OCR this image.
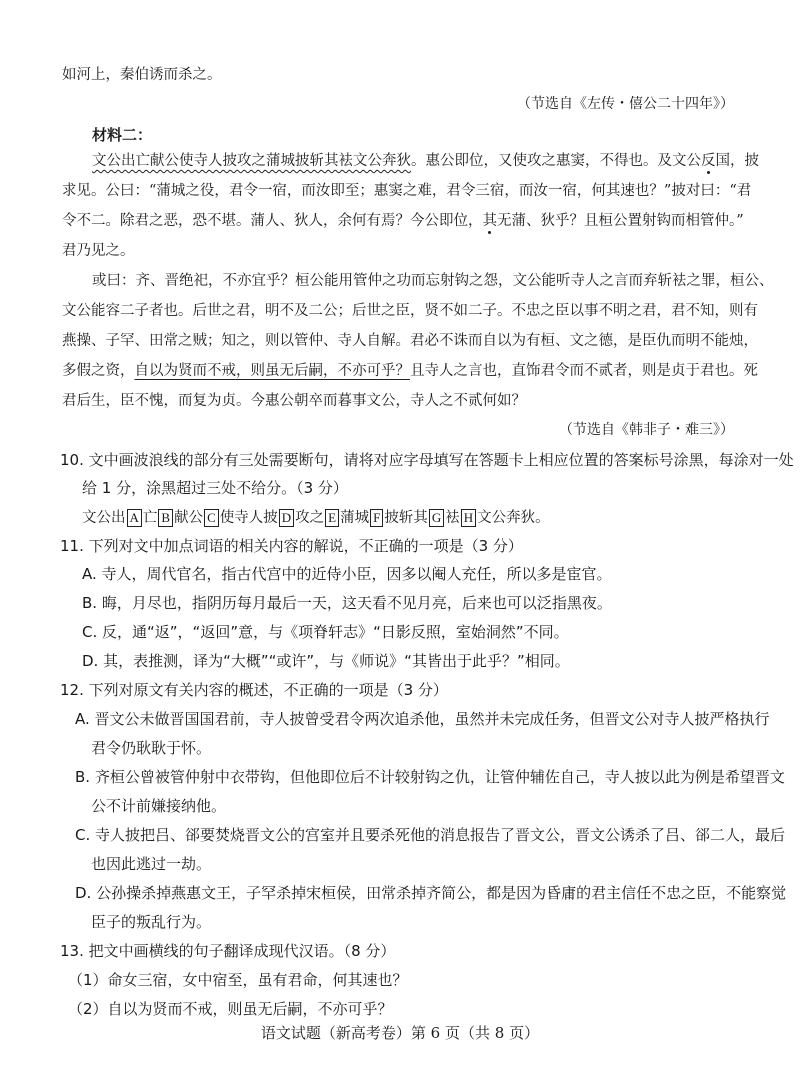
如河上，秦伯诱而杀之。
（节选自《左传・僖公二十四年》）
材料二：
文公出亡献公使寺人披攻之蒲城披斩其袪文公奔狄。惠公即位，又使攻之惠窦，不得也。及文公反国，披
求见。公曰：“蒲城之役，君令一宿，而汝即至；惠窦之难，君令三宿，而汝一宿，何其速也？”披对曰：“君
令不二。除君之恶，恐不堪。蒲人、狄人，余何有焉？今公即位，其无蒲、狄乎？且桓公置射钩而相管仲。”
君乃见之。
或曰：齐、晋绝祀，不亦宜乎？桓公能用管仲之功而忘射钩之怨，文公能听寺人之言而弃斩袪之罪，桓公、
文公能容二子者也。后世之君，明不及二公；后世之臣，贤不如二子。不忠之臣以事不明之君，君不知，则有
燕操、子罕、田常之贼；知之，则以管仲、寺人自解。君必不诛而自以为有桓、文之德，是臣仇而明不能烛，
多假之资，自以为贤而不戒，则虽无后嗣，不亦可乎？且寺人之言也，直饰君令而不贰者，则是贞于君也。死
君后生，臣不愧，而复为贞。今惠公朝卒而暮事文公，寺人之不贰何如？
（节选自《韩非子・难三》）
10. 文中画波浪线的部分有三处需要断句，请将对应字母填写在答题卡上相应位置的答案标号涂黑，每涂对一处
给 1 分，涂黑超过三处不给分。（3 分）
文公出 A 亡 B 献公 C 使寺人披 D 攻之 E 蒲城 F 披斩其 G 袪 H 文公奔狄。
11. 下列对文中加点词语的相关内容的解说，不正确的一项是（3 分）
A. 寺人，周代官名，指古代宫中的近侍小臣，因多以阉人充任，所以多是宦官。
B. 晦，月尽也，指阴历每月最后一天，这天看不见月亮，后来也可以泛指黑夜。
C. 反，通“返”，“返回”意，与《项脊轩志》“日影反照，室始洞然”不同。
D. 其，表推测，译为“大概”“或许”，与《师说》“其皆出于此乎？”相同。
12. 下列对原文有关内容的概述，不正确的一项是（3 分）
A. 晋文公未做晋国国君前，寺人披曾受君令两次追杀他，虽然并未完成任务，但晋文公对寺人披严格执行
君令仍耿耿于怀。
B. 齐桓公曾被管仲射中衣带钩，但他即位后不计较射钩之仇，让管仲辅佐自己，寺人披以此为例是希望晋文
公不计前嫌接纳他。
C. 寺人披把吕、郤要焚烧晋文公的宫室并且要杀死他的消息报告了晋文公，晋文公诱杀了吕、郤二人，最后
也因此逃过一劫。
D. 公孙操杀掉燕惠文王，子罕杀掉宋桓侯，田常杀掉齐简公，都是因为昏庸的君主信任不忠之臣，不能察觉
臣子的叛乱行为。
13. 把文中画横线的句子翻译成现代汉语。（8 分）
（1）命女三宿，女中宿至，虽有君命，何其速也？
（2）自以为贤而不戒，则虽无后嗣，不亦可乎？
语文试题（新高考卷）第 6 页（共 8 页）
